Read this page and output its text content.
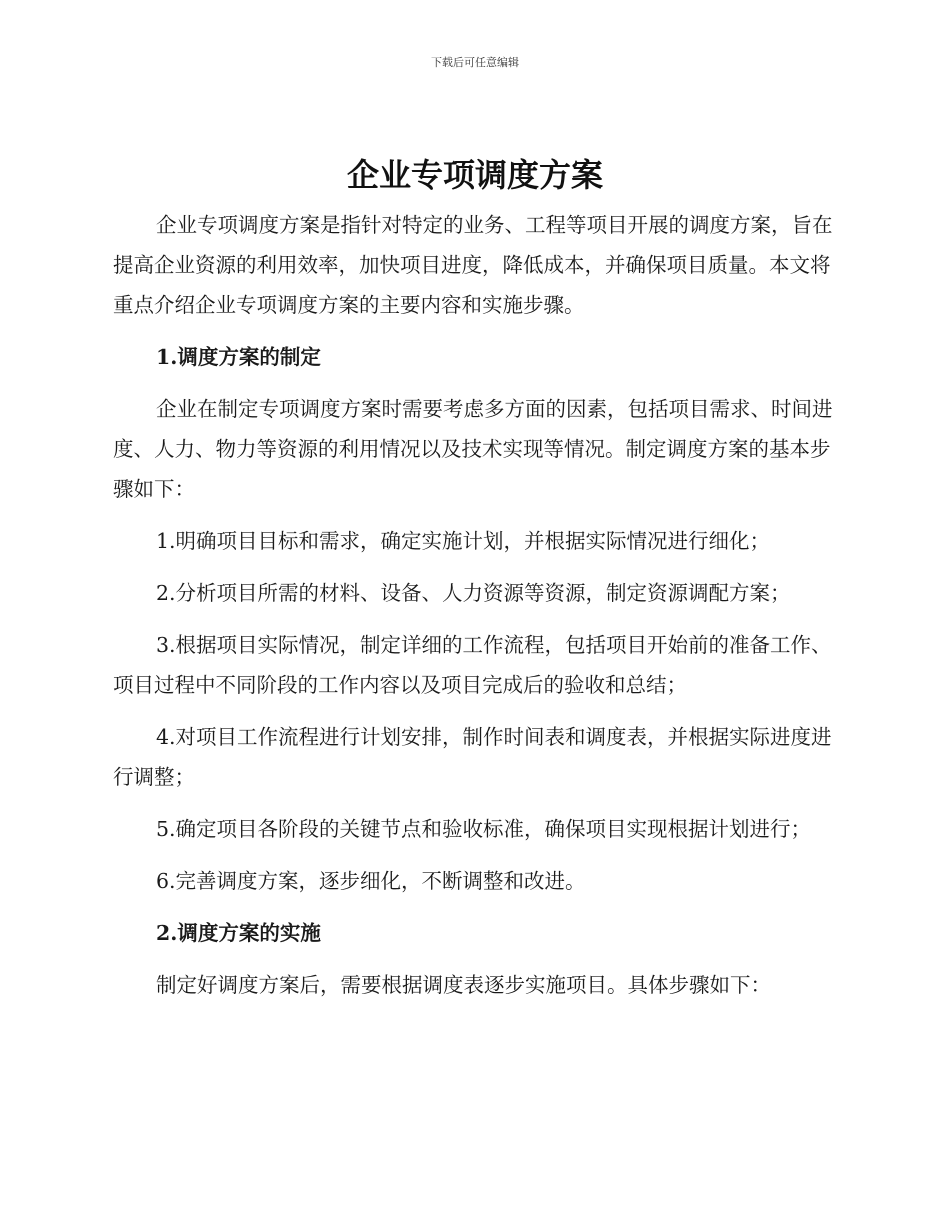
下载后可任意编辑
企业专项调度方案

企业专项调度方案是指针对特定的业务、工程等项目开展的调度方案，旨在提高企业资源的利用效率，加快项目进度，降低成本，并确保项目质量。本文将重点介绍企业专项调度方案的主要内容和实施步骤。

1.调度方案的制定

企业在制定专项调度方案时需要考虑多方面的因素，包括项目需求、时间进度、人力、物力等资源的利用情况以及技术实现等情况。制定调度方案的基本步骤如下：

1.明确项目目标和需求，确定实施计划，并根据实际情况进行细化；

2.分析项目所需的材料、设备、人力资源等资源，制定资源调配方案；

3.根据项目实际情况，制定详细的工作流程，包括项目开始前的准备工作、项目过程中不同阶段的工作内容以及项目完成后的验收和总结；

4.对项目工作流程进行计划安排，制作时间表和调度表，并根据实际进度进行调整；

5.确定项目各阶段的关键节点和验收标准，确保项目实现根据计划进行；

6.完善调度方案，逐步细化，不断调整和改进。

2.调度方案的实施

制定好调度方案后，需要根据调度表逐步实施项目。具体步骤如下：
